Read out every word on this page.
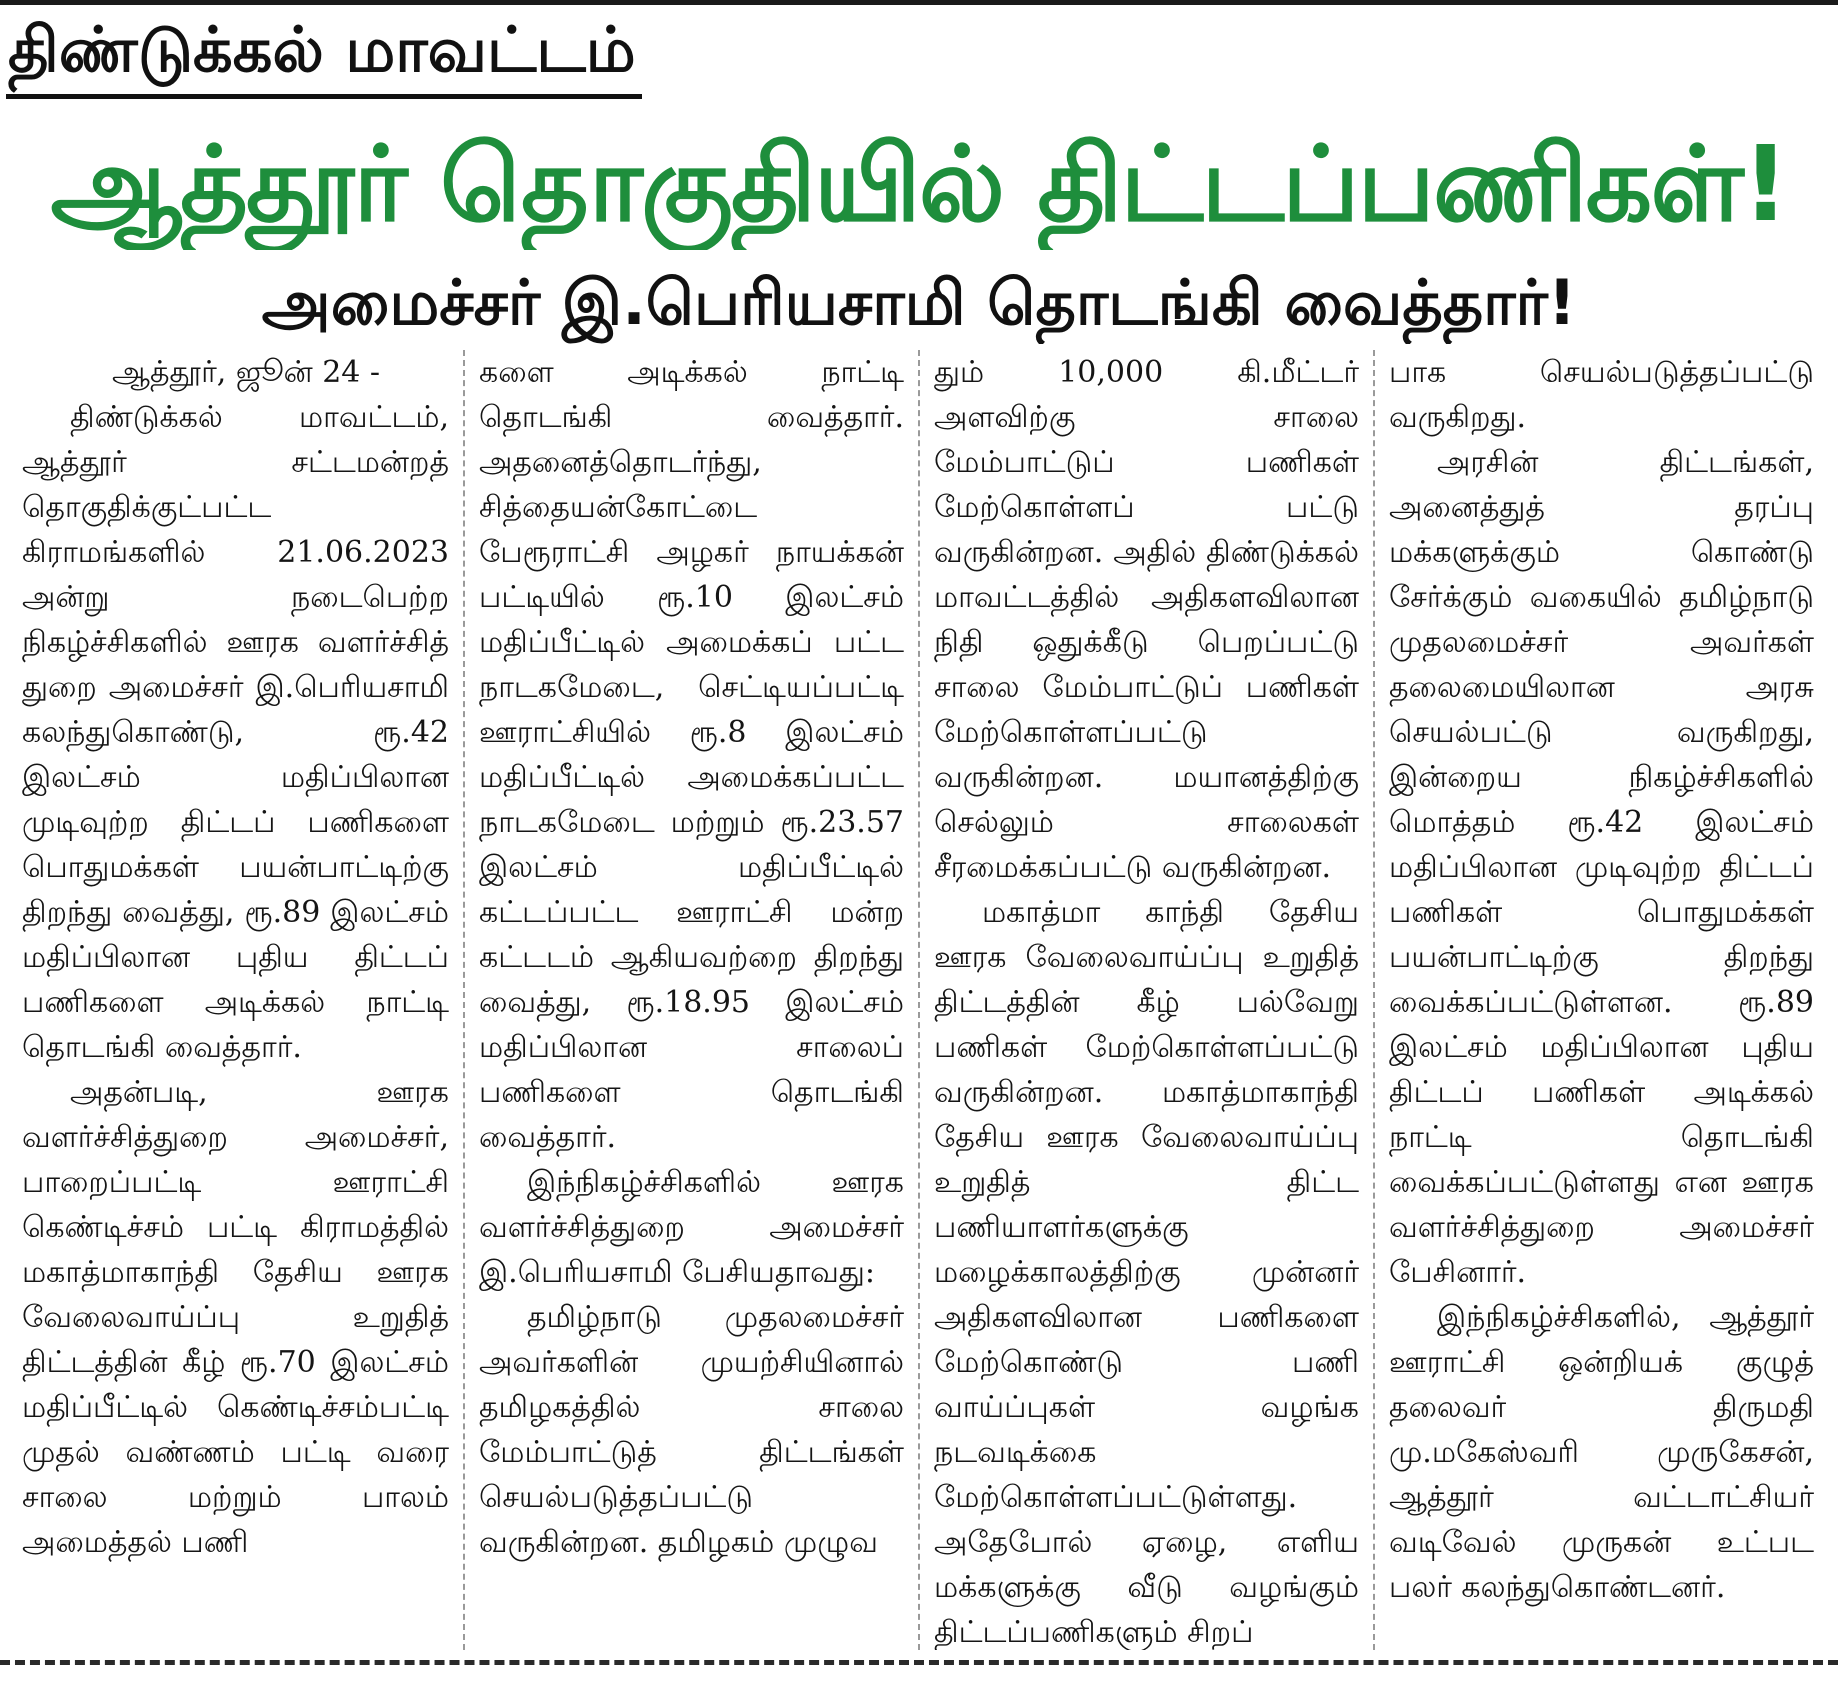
திண்டுக்கல் மாவட்டம்
ஆத்தூர் தொகுதியில் திட்டப்பணிகள்!
அமைச்சர் இ.பெரியசாமி தொடங்கி வைத்தார்!

ஆத்தூர், ஜூன் 24 -

திண்டுக்கல் மாவட்டம், ஆத்தூர் சட்டமன்றத் தொகுதிக்குட்பட்ட கிராமங்களில் 21.06.2023 அன்று நடைபெற்ற நிகழ்ச்சிகளில் ஊரக வளர்ச்சித் துறை அமைச்சர் இ.பெரியசாமி கலந்துகொண்டு, ரூ.42 இலட்சம் மதிப்பிலான முடிவுற்ற திட்டப் பணிகளை பொதுமக்கள் பயன்பாட்டிற்கு திறந்து வைத்து, ரூ.89 இலட்சம் மதிப்பிலான புதிய திட்டப் பணிகளை அடிக்கல் நாட்டி தொடங்கி வைத்தார்.

அதன்படி, ஊரக வளர்ச்சித்துறை அமைச்சர், பாறைப்பட்டி ஊராட்சி கெண்டிச்சம் பட்டி கிராமத்தில் மகாத்மாகாந்தி தேசிய ஊரக வேலைவாய்ப்பு உறுதித் திட்டத்தின் கீழ் ரூ.70 இலட்சம் மதிப்பீட்டில் கெண்டிச்சம்பட்டி முதல் வண்ணம் பட்டி வரை சாலை மற்றும் பாலம் அமைத்தல் பணி

களை அடிக்கல் நாட்டி தொடங்கி வைத்தார். அதனைத்தொடர்ந்து, சித்தையன்கோட்டை பேரூராட்சி அழகர் நாயக்கன் பட்டியில் ரூ.10 இலட்சம் மதிப்பீட்டில் அமைக்கப் பட்ட நாடகமேடை, செட்டியப்பட்டி ஊராட்சியில் ரூ.8 இலட்சம் மதிப்பீட்டில் அமைக்கப்பட்ட நாடகமேடை மற்றும் ரூ.23.57 இலட்சம் மதிப்பீட்டில் கட்டப்பட்ட ஊராட்சி மன்ற கட்டடம் ஆகியவற்றை திறந்து வைத்து, ரூ.18.95 இலட்சம் மதிப்பிலான சாலைப் பணிகளை தொடங்கி வைத்தார்.

இந்நிகழ்ச்சிகளில் ஊரக வளர்ச்சித்துறை அமைச்சர் இ.பெரியசாமி பேசியதாவது:

தமிழ்நாடு முதலமைச்சர் அவர்களின் முயற்சியினால் தமிழகத்தில் சாலை மேம்பாட்டுத் திட்டங்கள் செயல்படுத்தப்பட்டு வருகின்றன. தமிழகம் முழுவ

தும் 10,000 கி.மீட்டர் அளவிற்கு சாலை மேம்பாட்டுப் பணிகள் மேற்கொள்ளப் பட்டு வருகின்றன. அதில் திண்டுக்கல் மாவட்டத்தில் அதிகளவிலான நிதி ஒதுக்கீடு பெறப்பட்டு சாலை மேம்பாட்டுப் பணிகள் மேற்கொள்ளப்பட்டு வருகின்றன. மயானத்திற்கு செல்லும் சாலைகள் சீரமைக்கப்பட்டு வருகின்றன.

மகாத்மா காந்தி தேசிய ஊரக வேலைவாய்ப்பு உறுதித் திட்டத்தின் கீழ் பல்வேறு பணிகள் மேற்கொள்ளப்பட்டு வருகின்றன. மகாத்மாகாந்தி தேசிய ஊரக வேலைவாய்ப்பு உறுதித் திட்ட பணியாளர்களுக்கு மழைக்காலத்திற்கு முன்னர் அதிகளவிலான பணிகளை மேற்கொண்டு பணி வாய்ப்புகள் வழங்க நடவடிக்கை மேற்கொள்ளப்பட்டுள்ளது. அதேபோல் ஏழை, எளிய மக்களுக்கு வீடு வழங்கும் திட்டப்பணிகளும் சிறப்

பாக செயல்படுத்தப்பட்டு வருகிறது.

அரசின் திட்டங்கள், அனைத்துத் தரப்பு மக்களுக்கும் கொண்டு சேர்க்கும் வகையில் தமிழ்நாடு முதலமைச்சர் அவர்கள் தலைமையிலான அரசு செயல்பட்டு வருகிறது, இன்றைய நிகழ்ச்சிகளில் மொத்தம் ரூ.42 இலட்சம் மதிப்பிலான முடிவுற்ற திட்டப் பணிகள் பொதுமக்கள் பயன்பாட்டிற்கு திறந்து வைக்கப்பட்டுள்ளன. ரூ.89 இலட்சம் மதிப்பிலான புதிய திட்டப் பணிகள் அடிக்கல் நாட்டி தொடங்கி வைக்கப்பட்டுள்ளது என ஊரக வளர்ச்சித்துறை அமைச்சர் பேசினார்.

இந்நிகழ்ச்சிகளில், ஆத்தூர் ஊராட்சி ஒன்றியக் குழுத் தலைவர் திருமதி மு.மகேஸ்வரி முருகேசன், ஆத்தூர் வட்டாட்சியர் வடிவேல் முருகன் உட்பட பலர் கலந்துகொண்டனர்.
